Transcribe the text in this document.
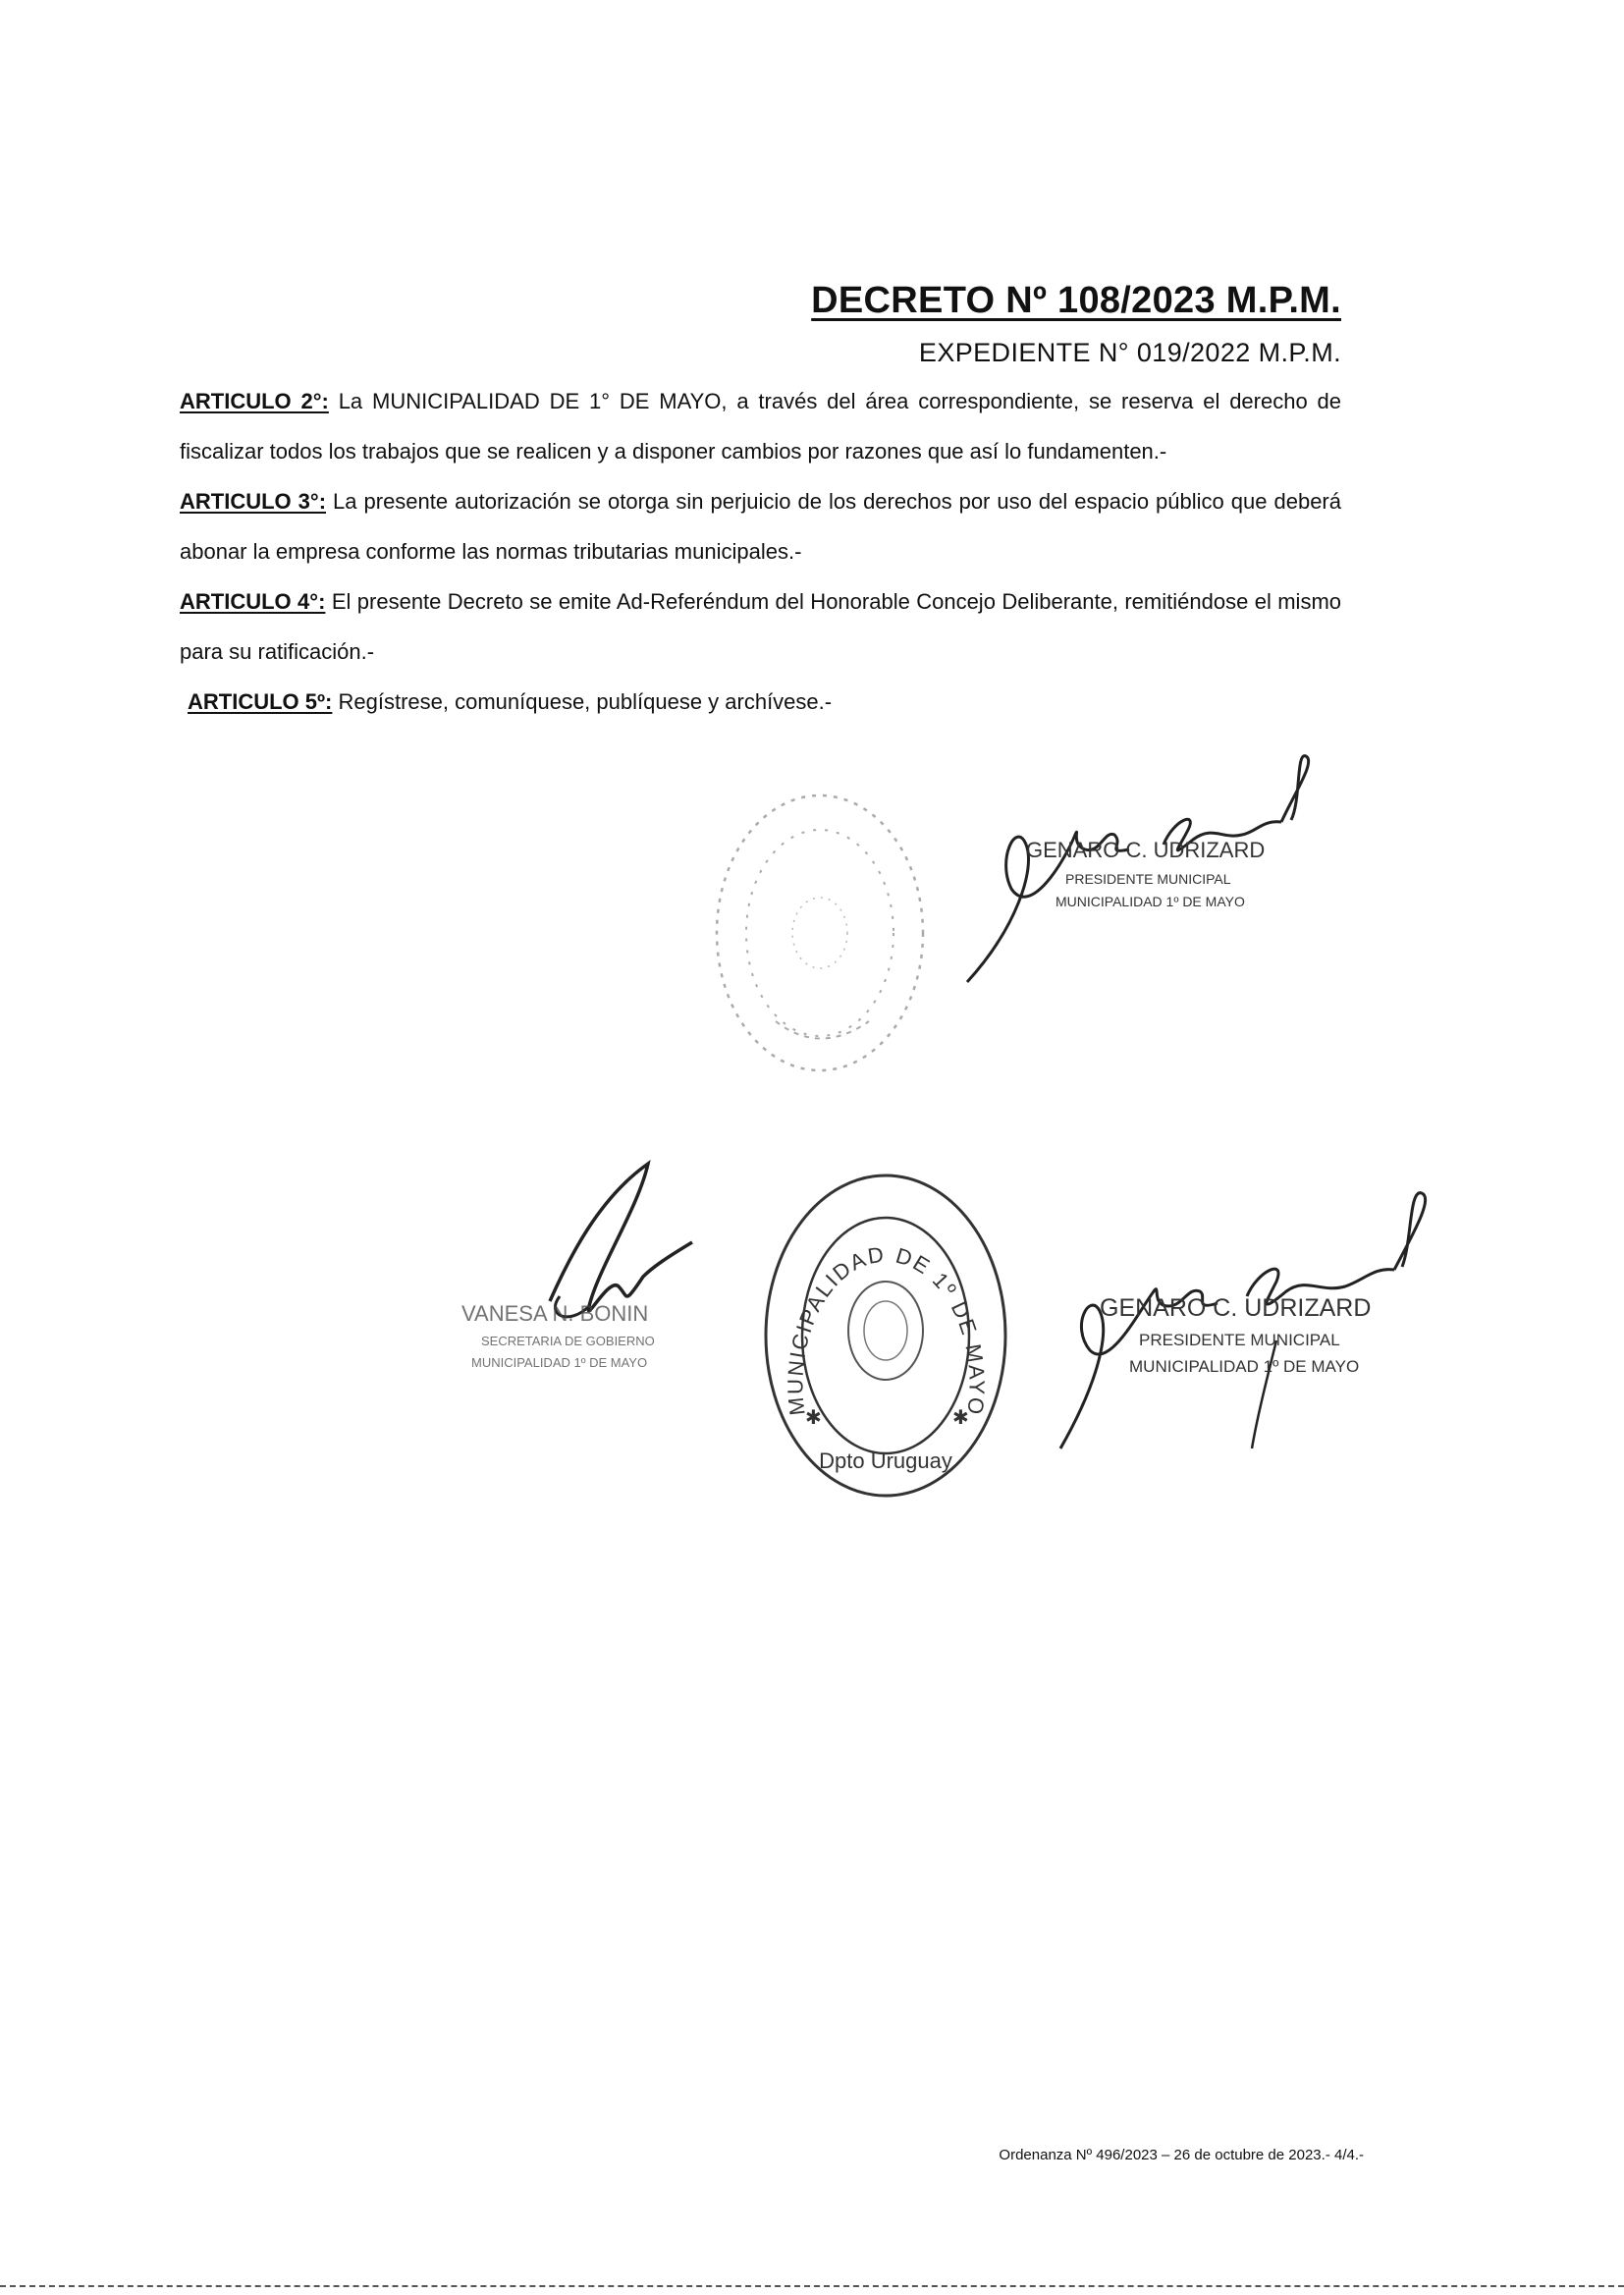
DECRETO Nº 108/2023 M.P.M.
EXPEDIENTE N° 019/2022 M.P.M.

ARTICULO 2°: La MUNICIPALIDAD DE 1° DE MAYO, a través del área correspondiente, se reserva el derecho de fiscalizar todos los trabajos que se realicen y a disponer cambios por razones que así lo fundamenten.-

ARTICULO 3°: La presente autorización se otorga sin perjuicio de los derechos por uso del espacio público que deberá abonar la empresa conforme las normas tributarias municipales.-

ARTICULO 4°: El presente Decreto se emite Ad-Referéndum del Honorable Concejo Deliberante, remitiéndose el mismo para su ratificación.-

ARTICULO 5º: Regístrese, comuníquese, publíquese y archívese.-

GENARO C. UDRIZARD
PRESIDENTE MUNICIPAL
MUNICIPALIDAD 1º DE MAYO
VANESA N. BONIN
SECRETARIA DE GOBIERNO
MUNICIPALIDAD 1º DE MAYO
MUNICIPALIDAD DE 1º DE MAYO
Dpto Uruguay
✱	✱
GENARO C. UDRIZARD
PRESIDENTE MUNICIPAL
MUNICIPALIDAD 1º DE MAYO
Ordenanza Nº 496/2023 – 26 de octubre de 2023.- 4/4.-
